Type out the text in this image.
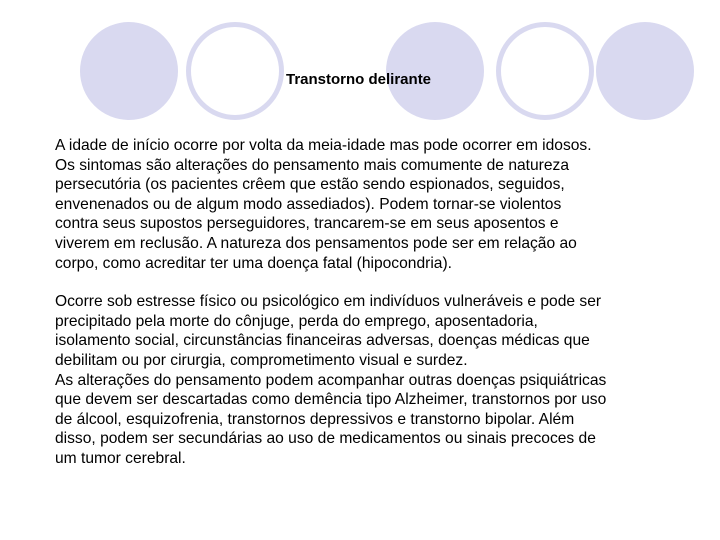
Transtorno delirante

A idade de início ocorre por volta da meia-idade mas pode ocorrer em idosos.
Os sintomas são alterações do pensamento mais comumente de natureza
persecutória (os pacientes crêem que estão sendo espionados, seguidos,
envenenados ou de algum modo assediados). Podem tornar-se violentos
contra seus supostos perseguidores, trancarem-se em seus aposentos e
viverem em reclusão. A natureza dos pensamentos pode ser em relação ao
corpo, como acreditar ter uma doença fatal (hipocondria).

Ocorre sob estresse físico ou psicológico em indivíduos vulneráveis e pode ser
precipitado pela morte do cônjuge, perda do emprego, aposentadoria,
isolamento social, circunstâncias financeiras adversas, doenças médicas que
debilitam ou por cirurgia, comprometimento visual e surdez.
As alterações do pensamento podem acompanhar outras doenças psiquiátricas
que devem ser descartadas como demência tipo Alzheimer, transtornos por uso
de álcool, esquizofrenia, transtornos depressivos e transtorno bipolar. Além
disso, podem ser secundárias ao uso de medicamentos ou sinais precoces de
um tumor cerebral.
